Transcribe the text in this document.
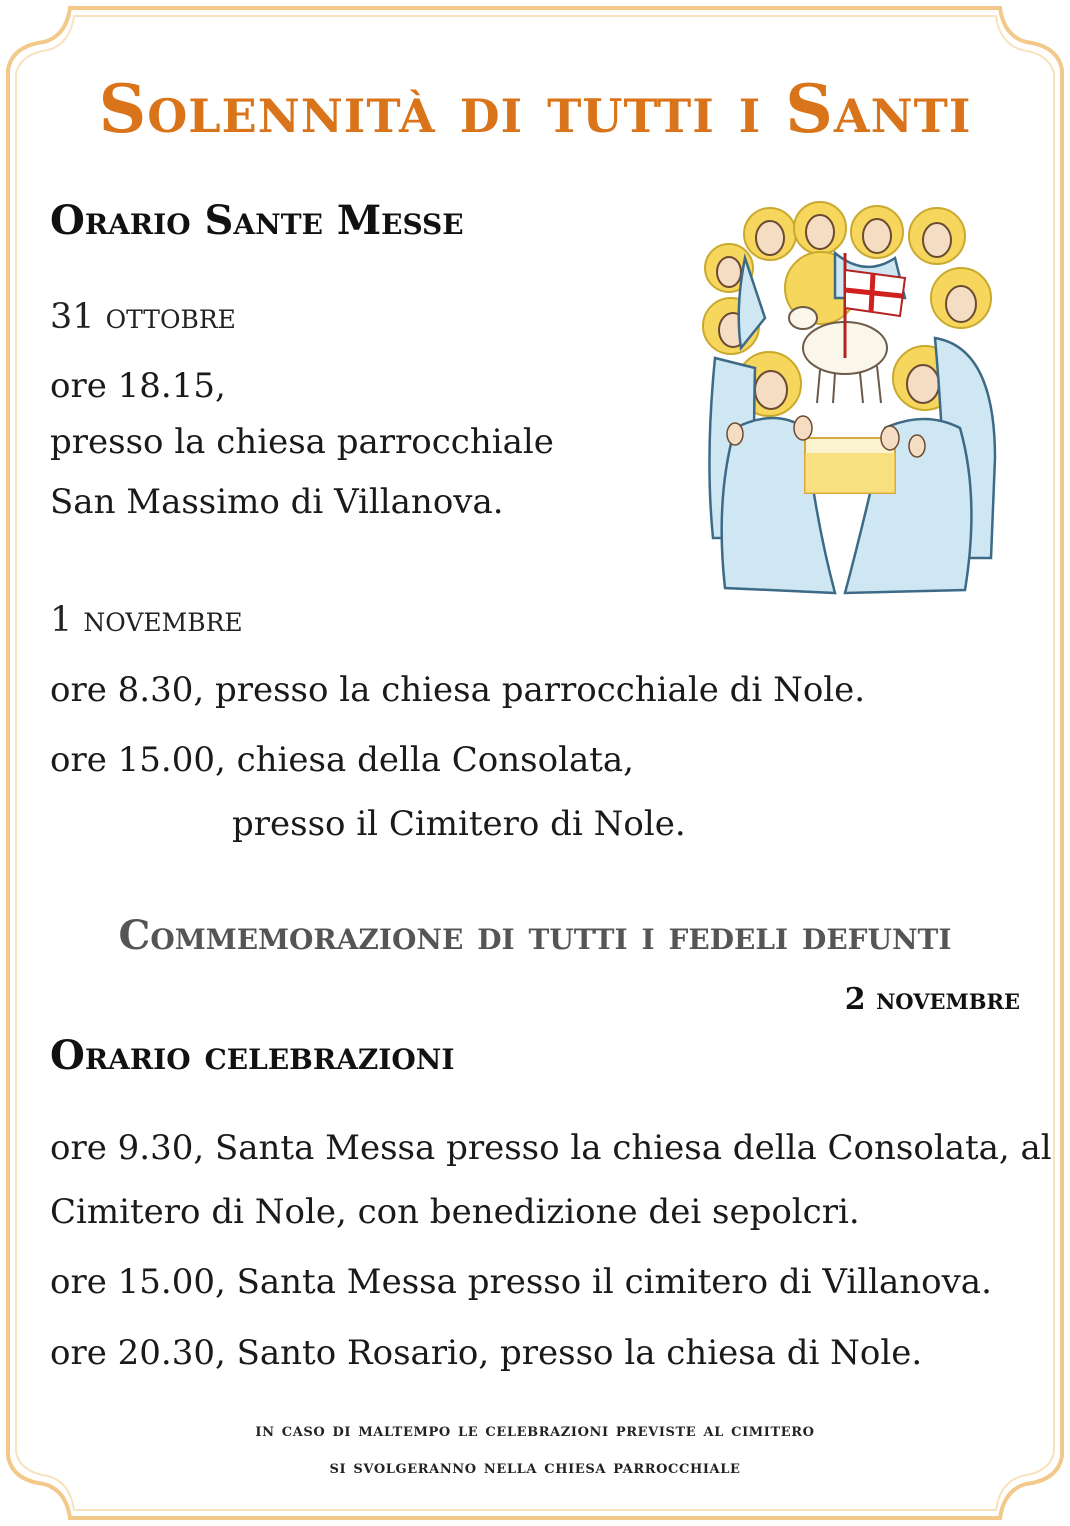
Solennità di tutti i Santi
Orario Sante Messe

31 ottobre

ore 18.15,

presso la chiesa parrocchiale

San Massimo di Villanova.

1 novembre

ore 8.30, presso la chiesa parrocchiale di Nole.

ore 15.00, chiesa della Consolata,

presso il Cimitero di Nole.

Commemorazione di tutti i fedeli defunti

2 novembre

Orario celebrazioni

ore 9.30, Santa Messa presso la chiesa della Consolata, al

Cimitero di Nole, con benedizione dei sepolcri.

ore 15.00, Santa Messa presso il cimitero di Villanova.

ore 20.30, Santo Rosario, presso la chiesa di Nole.

in caso di maltempo le celebrazioni previste al cimitero

si svolgeranno nella chiesa parrocchiale
